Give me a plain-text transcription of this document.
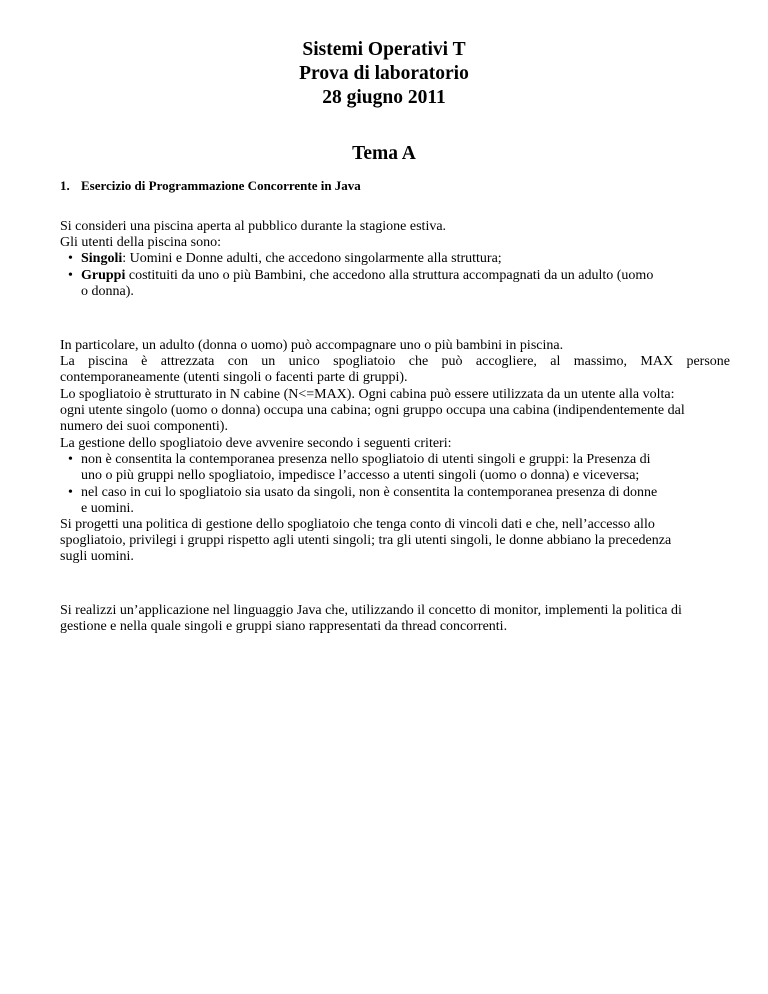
Sistemi Operativi T
Prova di laboratorio
28 giugno 2011
Tema A
1. Esercizio di Programmazione Concorrente in Java

Si consideri una piscina aperta al pubblico durante la stagione estiva.

Gli utenti della piscina sono:

• Singoli: Uomini e Donne adulti, che accedono singolarmente alla struttura;
• Gruppi costituiti da uno o più Bambini, che accedono alla struttura accompagnati da un adulto (uomo
o donna).

In particolare, un adulto (donna o uomo) può accompagnare uno o più bambini in piscina.

La piscina è attrezzata con un unico spogliatoio che può accogliere, al massimo, MAX persone

contemporaneamente (utenti singoli o facenti parte di gruppi).

Lo spogliatoio è strutturato in N cabine (N<=MAX). Ogni cabina può essere utilizzata da un utente alla volta:

ogni utente singolo (uomo o donna) occupa una cabina; ogni gruppo occupa una cabina (indipendentemente dal

numero dei suoi componenti).

La gestione dello spogliatoio deve avvenire secondo i seguenti criteri:

• non è consentita la contemporanea presenza nello spogliatoio di utenti singoli e gruppi: la Presenza di
uno o più gruppi nello spogliatoio, impedisce l’accesso a utenti singoli (uomo o donna) e viceversa;
• nel caso in cui lo spogliatoio sia usato da singoli, non è consentita la contemporanea presenza di donne
e uomini.

Si progetti una politica di gestione dello spogliatoio che tenga conto di vincoli dati e che, nell’accesso allo

spogliatoio, privilegi i gruppi rispetto agli utenti singoli; tra gli utenti singoli, le donne abbiano la precedenza

sugli uomini.

Si realizzi un’applicazione nel linguaggio Java che, utilizzando il concetto di monitor, implementi la politica di

gestione e nella quale singoli e gruppi siano rappresentati da thread concorrenti.
